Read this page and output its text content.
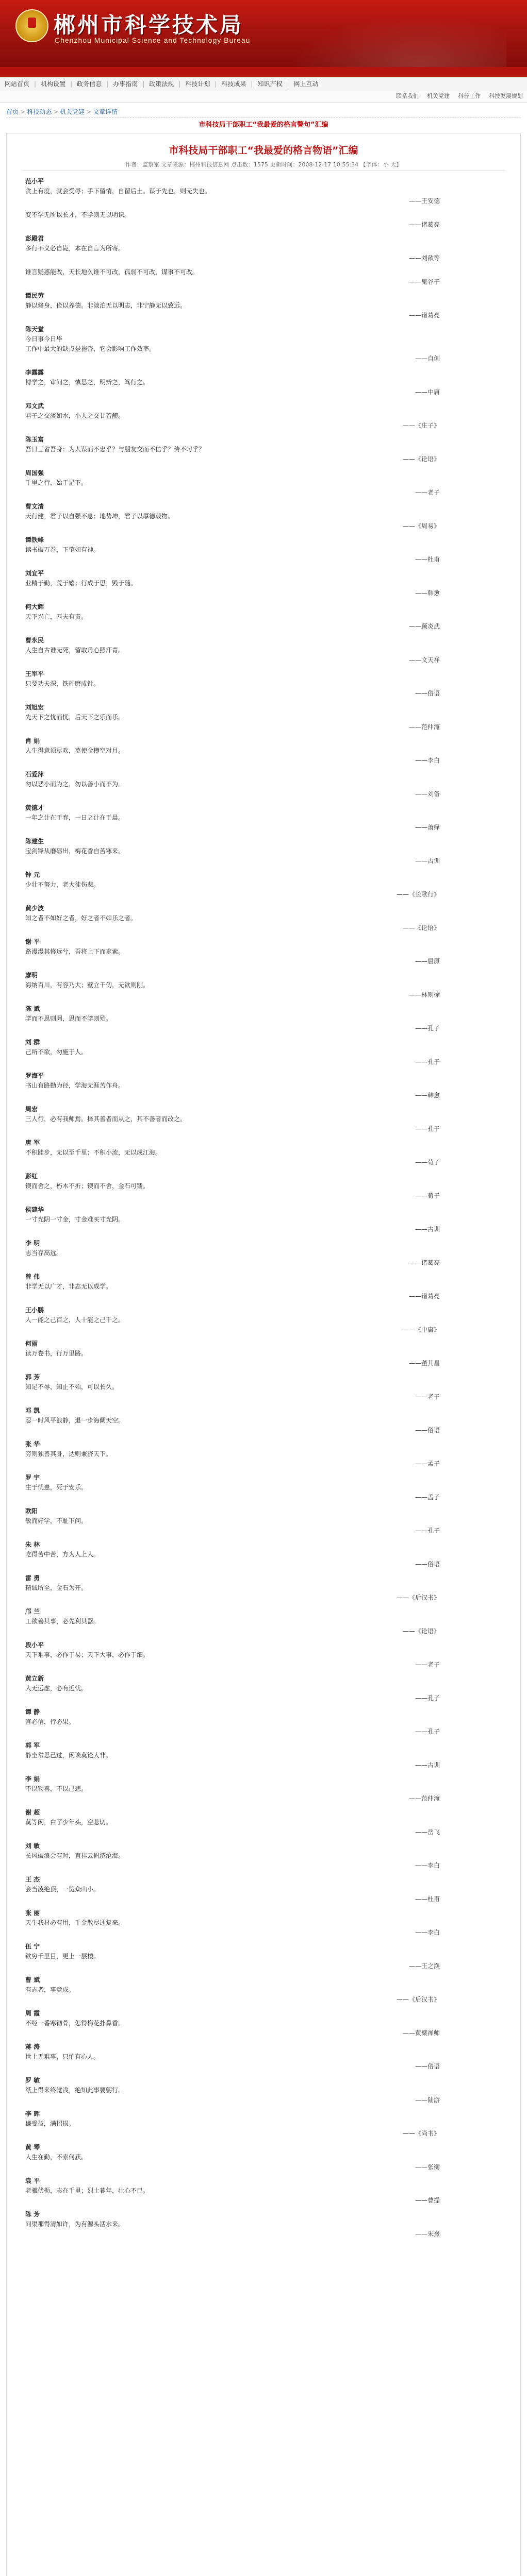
郴州市科学技术局
Chenzhou Municipal Science and Technology Bureau
网站首页 | 机构设置 | 政务信息 | 办事指南 | 政策法规 | 科技计划 | 科技成果 | 知识产权 | 网上互动
科技发展规划
科普工作
机关党建
联系我们
首页 > 科技动态 > 机关党建 > 文章详情
市科技局干部职工“我最爱的格言警句”汇编
市科技局干部职工“我最爱的格言物语”汇编
作者：监察室 文章来源：郴州科技信息网 点击数：1575 更新时间：2008-12-17 10:55:34 【字体：小 大】
范小平
贪上有度，就会受辱；手下留情，自留后土。谋于先也，则无失也。
——王安德
变不学无所以长才，不学则无以明识。
——诸葛亮
彭殿君
多行不义必自毙，本在自言为所寄。
——刘歆等
谁言疑惑能改，天长地久谁不可改，孤弱不可改，谋事不可改。
——鬼谷子
谭民劳
静以修身，俭以养德。非淡泊无以明志，非宁静无以致远。
——诸葛亮
陈天堂
今日事今日毕
工作中最大的缺点是拖沓，它会影响工作效率。
——自创
李露露
博学之，审问之，慎思之，明辨之，笃行之。
——中庸
邓文武
君子之交淡如水，小人之交甘若醴。
——《庄子》
陈玉富
吾日三省吾身：为人谋而不忠乎？与朋友交而不信乎？传不习乎？
——《论语》
周国强
千里之行，始于足下。
——老子
曹文清
天行健，君子以自强不息；地势坤，君子以厚德载物。
——《周易》
谭铁峰
读书破万卷，下笔如有神。
——杜甫
刘宜平
业精于勤，荒于嬉；行成于思，毁于随。
——韩愈
何大辉
天下兴亡，匹夫有责。
——顾炎武
曹永民
人生自古谁无死，留取丹心照汗青。
——文天祥
王军平
只要功夫深，铁杵磨成针。
——俗语
刘旭宏
先天下之忧而忧，后天下之乐而乐。
——范仲淹
肖 娟
人生得意须尽欢，莫使金樽空对月。
——李白
石爱萍
勿以恶小而为之，勿以善小而不为。
——刘备
黄德才
一年之计在于春，一日之计在于晨。
——萧绎
陈建生
宝剑锋从磨砺出，梅花香自苦寒来。
——古训
钟 元
少壮不努力，老大徒伤悲。
——《长歌行》
黄少波
知之者不如好之者，好之者不如乐之者。
——《论语》
谢 平
路漫漫其修远兮，吾将上下而求索。
——屈原
廖明
海纳百川，有容乃大；壁立千仞，无欲则刚。
——林则徐
陈 斌
学而不思则罔，思而不学则殆。
——孔子
刘 群
己所不欲，勿施于人。
——孔子
罗海平
书山有路勤为径，学海无涯苦作舟。
——韩愈
周宏
三人行，必有我师焉。择其善者而从之，其不善者而改之。
——孔子
唐 军
不积跬步，无以至千里；不积小流，无以成江海。
——荀子
彭红
锲而舍之，朽木不折；锲而不舍，金石可镂。
——荀子
侯建华
一寸光阴一寸金，寸金难买寸光阴。
——古训
李 明
志当存高远。
——诸葛亮
曾 伟
非学无以广才，非志无以成学。
——诸葛亮
王小鹏
人一能之己百之，人十能之己千之。
——《中庸》
何丽
读万卷书，行万里路。
——董其昌
郭 芳
知足不辱，知止不殆，可以长久。
——老子
邓 凯
忍一时风平浪静，退一步海阔天空。
——俗语
张 华
穷则独善其身，达则兼济天下。
——孟子
罗 宇
生于忧患，死于安乐。
——孟子
欧阳
敏而好学，不耻下问。
——孔子
朱 林
吃得苦中苦，方为人上人。
——俗语
雷 勇
精诚所至，金石为开。
——《后汉书》
邝 兰
工欲善其事，必先利其器。
——《论语》
段小平
天下难事，必作于易；天下大事，必作于细。
——老子
黄立新
人无远虑，必有近忧。
——孔子
谭 静
言必信，行必果。
——孔子
郭 军
静坐常思己过，闲谈莫论人非。
——古训
李 娟
不以物喜，不以己悲。
——范仲淹
谢 超
莫等闲，白了少年头，空悲切。
——岳飞
刘 敏
长风破浪会有时，直挂云帆济沧海。
——李白
王 杰
会当凌绝顶，一览众山小。
——杜甫
张 丽
天生我材必有用，千金散尽还复来。
——李白
伍 宁
欲穷千里目，更上一层楼。
——王之涣
曹 斌
有志者，事竟成。
——《后汉书》
周 霞
不经一番寒彻骨，怎得梅花扑鼻香。
——黄檗禅师
蒋 涛
世上无难事，只怕有心人。
——俗语
罗 敏
纸上得来终觉浅，绝知此事要躬行。
——陆游
李 晖
谦受益，满招损。
——《尚书》
黄 琴
人生在勤，不索何获。
——张衡
袁 平
老骥伏枥，志在千里；烈士暮年，壮心不已。
——曹操
陈 芳
问渠那得清如许，为有源头活水来。
——朱熹
